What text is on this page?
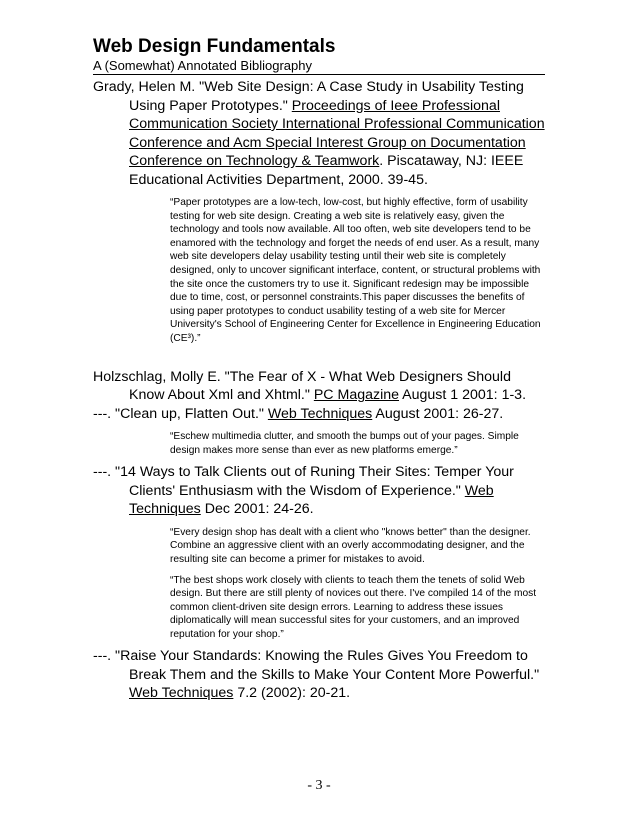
Web Design Fundamentals
A (Somewhat) Annotated Bibliography

Grady, Helen M. "Web Site Design: A Case Study in Usability Testing Using Paper Prototypes." Proceedings of Ieee Professional Communication Society International Professional Communication Conference and Acm Special Interest Group on Documentation Conference on Technology & Teamwork. Piscataway, NJ: IEEE Educational Activities Department, 2000. 39-45.

“Paper prototypes are a low-tech, low-cost, but highly effective, form of usability testing for web site design. Creating a web site is relatively easy, given the technology and tools now available. All too often, web site developers tend to be enamored with the technology and forget the needs of end user. As a result, many web site developers delay usability testing until their web site is completely designed, only to uncover significant interface, content, or structural problems with the site once the customers try to use it. Significant redesign may be impossible due to time, cost, or personnel constraints.This paper discusses the benefits of using paper prototypes to conduct usability testing of a web site for Mercer University's School of Engineering Center for Excellence in Engineering Education (CE³).”

Holzschlag, Molly E. "The Fear of X - What Web Designers Should Know About Xml and Xhtml." PC Magazine August 1 2001: 1-3.

---. "Clean up, Flatten Out." Web Techniques August 2001: 26-27.

“Eschew multimedia clutter, and smooth the bumps out of your pages. Simple design makes more sense than ever as new platforms emerge.”

---. "14 Ways to Talk Clients out of Runing Their Sites: Temper Your Clients' Enthusiasm with the Wisdom of Experience." Web Techniques Dec 2001: 24-26.

“Every design shop has dealt with a client who "knows better" than the designer. Combine an aggressive client with an overly accommodating designer, and the resulting site can become a primer for mistakes to avoid.

“The best shops work closely with clients to teach them the tenets of solid Web design. But there are still plenty of novices out there. I've compiled 14 of the most common client-driven site design errors. Learning to address these issues diplomatically will mean successful sites for your customers, and an improved reputation for your shop.”

---. "Raise Your Standards: Knowing the Rules Gives You Freedom to Break Them and the Skills to Make Your Content More Powerful." Web Techniques 7.2 (2002): 20-21.

- 3 -
